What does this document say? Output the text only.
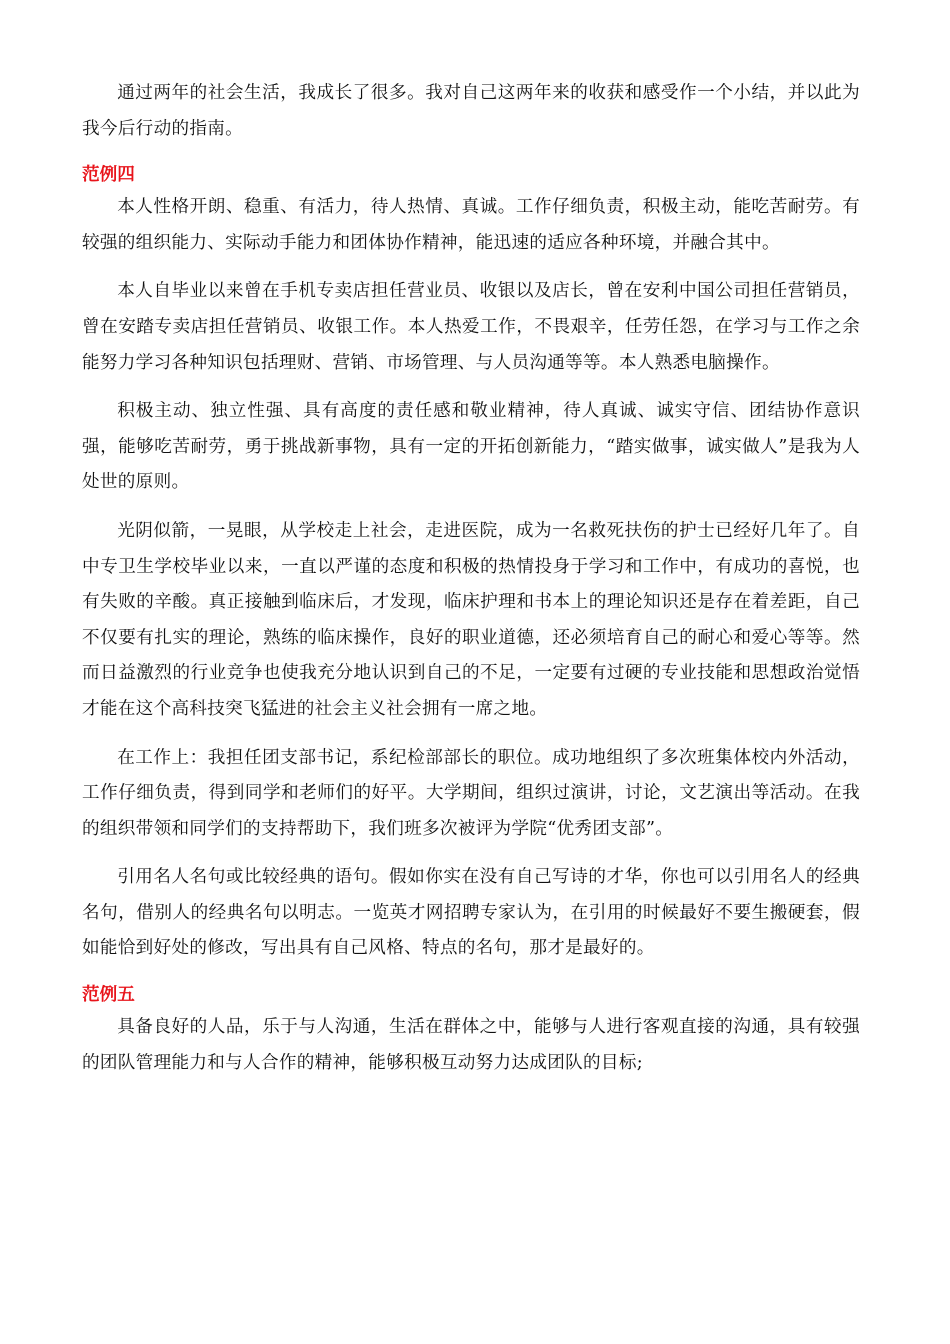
通过两年的社会生活，我成长了很多。我对自己这两年来的收获和感受作一个小结，并以此为我今后行动的指南。

范例四

本人性格开朗、稳重、有活力，待人热情、真诚。工作仔细负责，积极主动，能吃苦耐劳。有较强的组织能力、实际动手能力和团体协作精神，能迅速的适应各种环境，并融合其中。

本人自毕业以来曾在手机专卖店担任营业员、收银以及店长，曾在安利中国公司担任营销员，曾在安踏专卖店担任营销员、收银工作。本人热爱工作，不畏艰辛，任劳任怨，在学习与工作之余能努力学习各种知识包括理财、营销、市场管理、与人员沟通等等。本人熟悉电脑操作。

积极主动、独立性强、具有高度的责任感和敬业精神，待人真诚、诚实守信、团结协作意识强，能够吃苦耐劳，勇于挑战新事物，具有一定的开拓创新能力，“踏实做事，诚实做人”是我为人处世的原则。

光阴似箭，一晃眼，从学校走上社会，走进医院，成为一名救死扶伤的护士已经好几年了。自中专卫生学校毕业以来，一直以严谨的态度和积极的热情投身于学习和工作中，有成功的喜悦，也有失败的辛酸。真正接触到临床后，才发现，临床护理和书本上的理论知识还是存在着差距，自己不仅要有扎实的理论，熟练的临床操作，良好的职业道德，还必须培育自己的耐心和爱心等等。然而日益激烈的行业竞争也使我充分地认识到自己的不足，一定要有过硬的专业技能和思想政治觉悟才能在这个高科技突飞猛进的社会主义社会拥有一席之地。

在工作上：我担任团支部书记，系纪检部部长的职位。成功地组织了多次班集体校内外活动，工作仔细负责，得到同学和老师们的好平。大学期间，组织过演讲，讨论，文艺演出等活动。在我的组织带领和同学们的支持帮助下，我们班多次被评为学院“优秀团支部”。

引用名人名句或比较经典的语句。假如你实在没有自己写诗的才华，你也可以引用名人的经典名句，借别人的经典名句以明志。一览英才网招聘专家认为，在引用的时候最好不要生搬硬套，假如能恰到好处的修改，写出具有自己风格、特点的名句，那才是最好的。

范例五

具备良好的人品，乐于与人沟通，生活在群体之中，能够与人进行客观直接的沟通，具有较强的团队管理能力和与人合作的精神，能够积极互动努力达成团队的目标;
